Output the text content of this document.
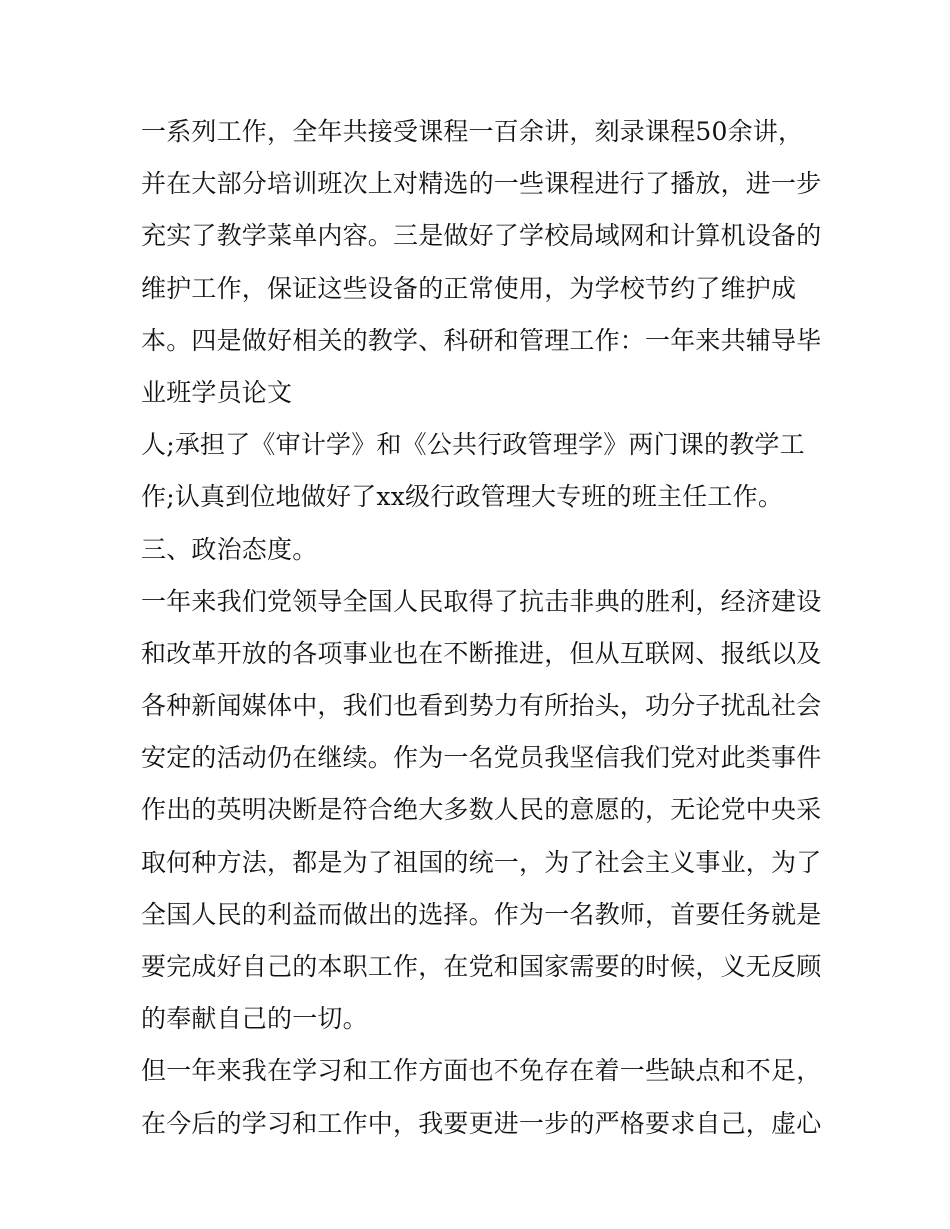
一系列工作，全年共接受课程一百余讲，刻录课程50余讲，
并在大部分培训班次上对精选的一些课程进行了播放，进一步
充实了教学菜单内容。三是做好了学校局域网和计算机设备的
维护工作，保证这些设备的正常使用，为学校节约了维护成
本。四是做好相关的教学、科研和管理工作：一年来共辅导毕
业班学员论文
人;承担了《审计学》和《公共行政管理学》两门课的教学工
作;认真到位地做好了xx级行政管理大专班的班主任工作。
三、政治态度。
一年来我们党领导全国人民取得了抗击非典的胜利，经济建设
和改革开放的各项事业也在不断推进，但从互联网、报纸以及
各种新闻媒体中，我们也看到势力有所抬头，功分子扰乱社会
安定的活动仍在继续。作为一名党员我坚信我们党对此类事件
作出的英明决断是符合绝大多数人民的意愿的，无论党中央采
取何种方法，都是为了祖国的统一，为了社会主义事业，为了
全国人民的利益而做出的选择。作为一名教师，首要任务就是
要完成好自己的本职工作，在党和国家需要的时候，义无反顾
的奉献自己的一切。
但一年来我在学习和工作方面也不免存在着一些缺点和不足，
在今后的学习和工作中，我要更进一步的严格要求自己，虚心
